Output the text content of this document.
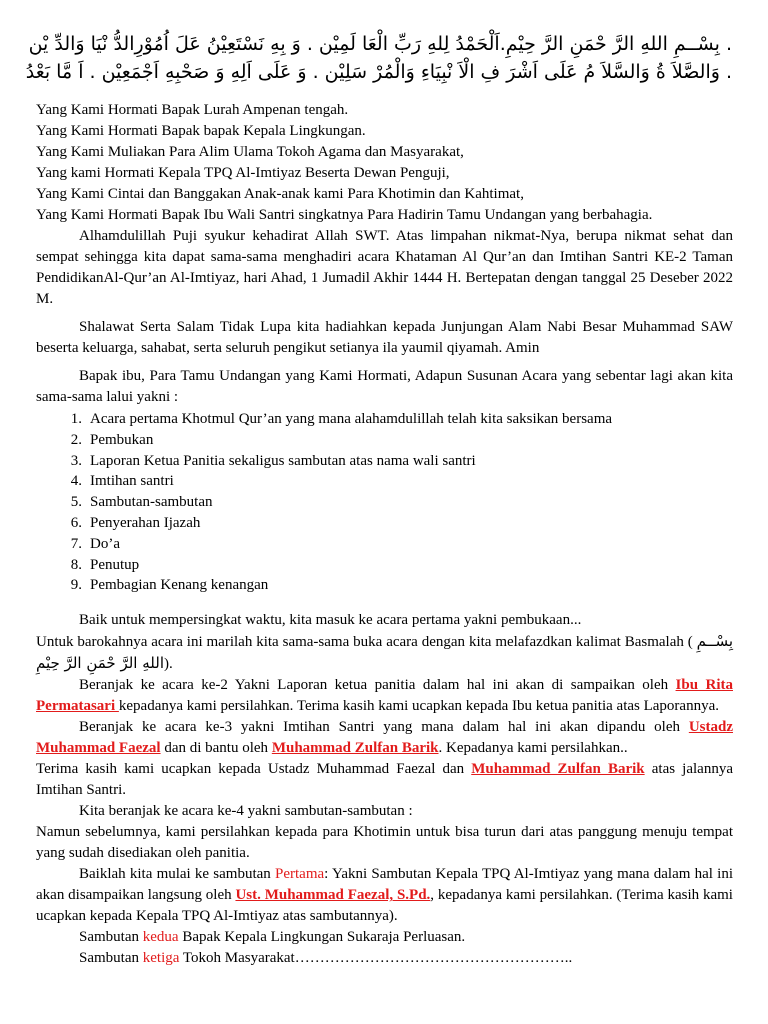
. بِسْــمِ اللهِ الرَّ حْمَنِ الرَّ حِيْمِ.اَلْحَمْدُ لِلهِ رَبِّ الْعَا لَمِيْن . وَ بِهِ نَسْتَعِيْنُ عَلَ اُمُوْرِالدُّ نْيَا وَالدِّ يْن
. وَالصَّلاَ ةُ وَالسَّلاَ مُ عَلَى اَشْرَ فِ الْاَ نْبِيَاءِ وَالْمُرْ سَلِيْن . وَ عَلَى اَلِهِ وَ صَحْبِهِ اَجْمَعِيْن . اَ مَّا بَعْدُ

Yang Kami Hormati Bapak Lurah Ampenan tengah.

Yang Kami Hormati Bapak bapak Kepala Lingkungan.

Yang Kami Muliakan Para Alim Ulama Tokoh Agama dan Masyarakat,

Yang kami Hormati Kepala TPQ Al-Imtiyaz Beserta Dewan Penguji,

Yang Kami Cintai dan Banggakan Anak-anak kami Para Khotimin dan Kahtimat,

Yang Kami Hormati Bapak Ibu Wali Santri singkatnya Para Hadirin Tamu Undangan yang berbahagia.

Alhamdulillah Puji syukur kehadirat Allah SWT. Atas limpahan nikmat-Nya, berupa nikmat sehat dan sempat sehingga kita dapat sama-sama menghadiri acara Khataman Al Qur’an dan Imtihan Santri KE-2 Taman PendidikanAl-Qur’an Al-Imtiyaz, hari Ahad, 1 Jumadil Akhir 1444 H. Bertepatan dengan tanggal 25 Deseber 2022 M.

Shalawat Serta Salam Tidak Lupa kita hadiahkan kepada Junjungan Alam Nabi Besar Muhammad SAW beserta keluarga, sahabat, serta seluruh pengikut setianya ila yaumil qiyamah. Amin

Bapak ibu, Para Tamu Undangan yang Kami Hormati, Adapun Susunan Acara yang sebentar lagi akan kita sama-sama lalui yakni :

1. Acara pertama Khotmul Qur’an yang mana alahamdulillah telah kita saksikan bersama
2. Pembukan
3. Laporan Ketua Panitia sekaligus sambutan atas nama wali santri
4. Imtihan santri
5. Sambutan-sambutan
6. Penyerahan Ijazah
7. Do’a
8. Penutup
9. Pembagian Kenang kenangan

Baik untuk mempersingkat waktu, kita masuk ke acara pertama yakni pembukaan...

Untuk barokahnya acara ini marilah kita sama-sama buka acara dengan kita melafazdkan kalimat Basmalah ( بِسْــمِ اللهِ الرَّ حْمَنِ الرَّ حِيْمِ).

Beranjak ke acara ke-2 Yakni Laporan ketua panitia dalam hal ini akan di sampaikan oleh Ibu Rita Permatasari kepadanya kami persilahkan. Terima kasih kami ucapkan kepada Ibu ketua panitia atas Laporannya.

Beranjak ke acara ke-3 yakni Imtihan Santri yang mana dalam hal ini akan dipandu oleh Ustadz Muhammad Faezal dan di bantu oleh Muhammad Zulfan Barik. Kepadanya kami persilahkan..

Terima kasih kami ucapkan kepada Ustadz Muhammad Faezal dan Muhammad Zulfan Barik atas jalannya Imtihan Santri.

Kita beranjak ke acara ke-4 yakni sambutan-sambutan :

Namun sebelumnya, kami persilahkan kepada para Khotimin untuk bisa turun dari atas panggung menuju tempat yang sudah disediakan oleh panitia.

Baiklah kita mulai ke sambutan Pertama: Yakni Sambutan Kepala TPQ Al-Imtiyaz yang mana dalam hal ini akan disampaikan langsung oleh Ust. Muhammad Faezal, S.Pd., kepadanya kami persilahkan. (Terima kasih kami ucapkan kepada Kepala TPQ Al-Imtiyaz atas sambutannya).

Sambutan kedua Bapak Kepala Lingkungan Sukaraja Perluasan.

Sambutan ketiga Tokoh Masyarakat………………………………………………..
